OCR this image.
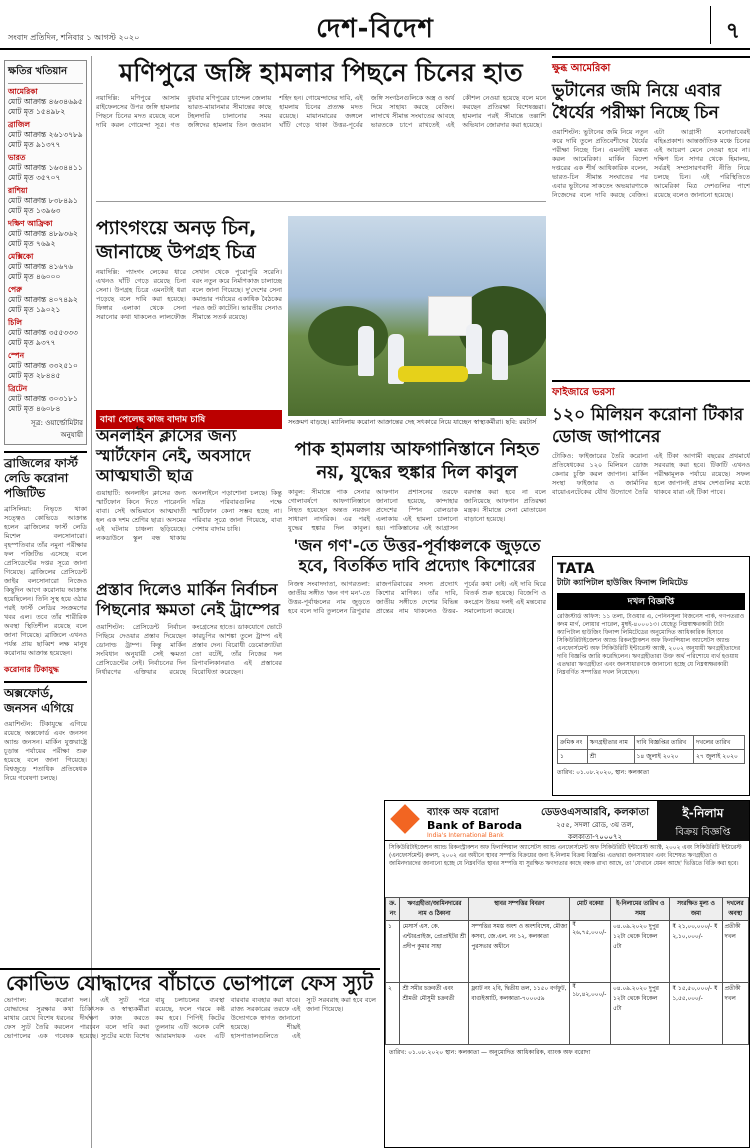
সংবাদ প্রতিদিন, শনিবার ১ আগস্ট ২০২০	দেশ-বিদেশ	৭
ক্ষতির খতিয়ান
আমেরিকা
মোট আক্রান্ত ৪৬৩৪৬৯৫
মোট মৃত ১৫৪৯৮২
ব্রাজিল
মোট আক্রান্ত ২৬১৩৭৮৯
মোট মৃত ৯১৩৭৭
ভারত
মোট আক্রান্ত ১৬৩৪৪১১
মোট মৃত ৩৫৭০৭
রাশিয়া
মোট আক্রান্ত ৮৩৮৪৯১
মোট মৃত ১৩৯৬৩
দক্ষিণ আফ্রিকা
মোট আক্রান্ত ৪৮৯৩৬২
মোট মৃত ৭৬৯২
মেক্সিকো
মোট আক্রান্ত ৪১৬৭৬
মোট মৃত ৪৬০০০
পেরু
মোট আক্রান্ত ৪০৭৪৯২
মোট মৃত ১৯০২১
চিলি
মোট আক্রান্ত ৩৫৫৩৩৩
মোট মৃত ৯৩৭৭
স্পেন
মোট আক্রান্ত ৩৩২৫১০
মোট মৃত ২৮৪৪৫
ব্রিটেন
মোট আক্রান্ত ৩০৩১৮১
মোট মৃত ৪৬০৮৪
সূত্র: ওয়ার্ল্ডোমিটার অনুযায়ী
ব্রাজিলের ফার্স্ট লেডি করোনা পজিটিভ

ব্রাসিলিয়া: নিভৃতে থাকা সত্ত্বেও কোভিডে আক্রান্ত হলেন ব্রাজিলের ফার্স্ট লেডি মিশেল বলসোনারো। বৃহস্পতিবার তাঁর নমুনা পরীক্ষার ফল পজিটিভ এসেছে বলে প্রেসিডেন্টের দপ্তর সূত্রে জানা গিয়েছে। ব্রাজিলের প্রেসিডেন্ট জাইর বলসোনারো নিজেও কিছুদিন আগে করোনায় আক্রান্ত হয়েছিলেন। তিনি সুস্থ হয়ে ওঠার পরই ফার্স্ট লেডির সংক্রমণের খবর এল। তবে তাঁর শারীরিক অবস্থা স্থিতিশীল রয়েছে বলে জানা গিয়েছে। ব্রাজিলে এখনও পর্যন্ত প্রায় ছাব্বিশ লক্ষ মানুষ করোনায় আক্রান্ত হয়েছেন।

করোনার টিকাযুদ্ধ
অক্সফোর্ড, জনসন এগিয়ে

ওয়াশিংটন: টিকাযুদ্ধে এগিয়ে রয়েছে অক্সফোর্ড এবং জনসন অ্যান্ড জনসন। মার্কিন যুক্তরাষ্ট্রে চূড়ান্ত পর্যায়ের পরীক্ষা শুরু হয়েছে বলে জানা গিয়েছে। বিশ্বজুড়ে শতাধিক প্রতিষেধক নিয়ে গবেষণা চলছে।

মণিপুরে জঙ্গি হামলার পিছনে চিনের হাত
নয়াদিল্লি: মণিপুরে আসাম রাইফেলসের উপর জঙ্গি হামলার পিছনে চিনের মদত রয়েছে বলে দাবি করল গোয়েন্দা সূত্র। গত বুধবার মণিপুরের চান্দেল জেলায় ভারত-মায়ানমার সীমান্তের কাছে টহলদারি চালানোর সময় জঙ্গিদের হামলায় তিন জওয়ান শহিদ হন। গোয়েন্দাদের দাবি, এই হামলায় চিনের প্রত্যক্ষ মদত রয়েছে। মায়ানমারের জঙ্গলে ঘাঁটি গেড়ে থাকা উত্তর-পূর্বের জঙ্গি সংগঠনগুলিকে অস্ত্র ও অর্থ দিয়ে সাহায্য করছে বেজিং। লাদাখে সীমান্ত সংঘাতের আবহে ভারতকে চাপে রাখতেই এই কৌশল নেওয়া হয়েছে বলে মনে করছেন প্রতিরক্ষা বিশেষজ্ঞরা। হামলার পরই সীমান্তে তল্লাশি অভিযান জোরদার করা হয়েছে।
প্যাংগংয়ে অনড় চিন, জানাচ্ছে উপগ্রহ চিত্র
নয়াদিল্লি: প্যাংগং লেকের ধারে এখনও ঘাঁটি গেড়ে রয়েছে চিনা সেনা। উপগ্রহ চিত্রে এমনটাই ধরা পড়েছে বলে দাবি করা হয়েছে। ফিঙ্গার এলাকা থেকে সেনা সরানোর কথা থাকলেও লালফৌজ সেখান থেকে পুরোপুরি সরেনি। বরং নতুন করে নির্মাণকাজ চালাচ্ছে বলে জানা গিয়েছে। দু'দেশের সেনা কমান্ডার পর্যায়ের একাধিক বৈঠকের পরও জট কাটেনি। ভারতীয় সেনাও সীমান্তে সতর্ক রয়েছে।
সংক্রমণ বাড়ছে। ম্যানিলায় করোনা আক্রান্তের দেহ সৎকারে নিয়ে যাচ্ছেন স্বাস্থ্যকর্মীরা। ছবি: রয়টার্স
পাক হামলায় আফগানিস্তানে নিহত নয়, যুদ্ধের হুঙ্কার দিল কাবুল
কাবুল: সীমান্তে পাক সেনার গোলাবর্ষণে আফগানিস্তানে নিহত হয়েছেন অন্তত নয়জন সাধারণ নাগরিক। এর পরই যুদ্ধের হুঙ্কার দিল কাবুল। আফগান প্রশাসনের তরফে জানানো হয়েছে, কান্দাহার প্রদেশের স্পিন বোলডাক এলাকায় এই হামলা চালানো হয়। পাকিস্তানের এই আগ্রাসন বরদাস্ত করা হবে না বলে জানিয়েছে আফগান প্রতিরক্ষা মন্ত্রক। সীমান্তে সেনা মোতায়েন বাড়ানো হয়েছে।
বাবা পেলেছ কাজ বাদাম চাষি
অনলাইন ক্লাসের জন্য স্মার্টফোন নেই, অবসাদে আত্মঘাতী ছাত্র
গুয়াহাটি: অনলাইন ক্লাসের জন্য স্মার্টফোন কিনে দিতে পারেননি বাবা। সেই অভিমানে আত্মঘাতী হল এক দশম শ্রেণির ছাত্র। অসমের এই ঘটনায় চাঞ্চল্য ছড়িয়েছে। লকডাউনে স্কুল বন্ধ থাকায় অনলাইনে পড়াশোনা চলছে। কিন্তু দরিদ্র পরিবারগুলির পক্ষে স্মার্টফোন কেনা সম্ভব হচ্ছে না। পরিবার সূত্রে জানা গিয়েছে, বাবা পেশায় বাদাম চাষি।
প্রস্তাব দিলেও মার্কিন নির্বাচন পিছনোর ক্ষমতা নেই ট্রাম্পের
ওয়াশিংটন: প্রেসিডেন্ট নির্বাচন পিছিয়ে দেওয়ার প্রস্তাব দিয়েছেন ডোনাল্ড ট্রাম্প। কিন্তু মার্কিন সংবিধান অনুযায়ী সেই ক্ষমতা প্রেসিডেন্টের নেই। নির্বাচনের দিন নির্ধারণের এক্তিয়ার রয়েছে কংগ্রেসের হাতে। ডাকযোগে ভোটে কারচুপির আশঙ্কা তুলে ট্রাম্প এই প্রস্তাব দেন। বিরোধী ডেমোক্র্যাটরা তো বটেই, তাঁর নিজের দল রিপাবলিকানরাও এই প্রস্তাবের বিরোধিতা করেছেন।
'জন গণ'-তে উত্তর-পূর্বাঞ্চলকে জুড়তে হবে, বিতর্কিত দাবি প্রদ্যোৎ কিশোরের
নিজস্ব সংবাদদাতা, আগরতলা: জাতীয় সঙ্গীত 'জন গণ মন'-তে উত্তর-পূর্বাঞ্চলের নাম জুড়তে হবে বলে দাবি তুললেন ত্রিপুরার রাজপরিবারের সদস্য প্রদ্যোৎ কিশোর মাণিক্য। তাঁর দাবি, জাতীয় সঙ্গীতে দেশের বিভিন্ন প্রান্তের নাম থাকলেও উত্তর-পূর্বের কথা নেই। এই দাবি ঘিরে বিতর্ক শুরু হয়েছে। বিজেপি ও কংগ্রেস উভয় দলই এই মন্তব্যের সমালোচনা করেছে।
কোভিড যোদ্ধাদের বাঁচাতে ভোপালে ফেস স্যুট
ভোপাল: করোনা যোদ্ধাদের সুরক্ষার কথা মাথায় রেখে বিশেষ ধরনের ফেস স্যুট তৈরি করলেন ভোপালের এক গবেষক দল। এই স্যুট পরে চিকিৎসক ও স্বাস্থ্যকর্মীরা দীর্ঘক্ষণ কাজ করতে পারবেন বলে দাবি করা হয়েছে। স্যুটের মধ্যে বিশেষ বায়ু চলাচলের ব্যবস্থা রয়েছে, ফলে গরমে কষ্ট কম হবে। পিপিই কিটের তুলনায় এটি অনেক বেশি আরামদায়ক এবং এটি বারবার ব্যবহার করা যাবে। রাজ্য সরকারের তরফে এই উদ্যোগকে স্বাগত জানানো হয়েছে। শীঘ্রই হাসপাতালগুলিতে এই স্যুট সরবরাহ করা হবে বলে জানা গিয়েছে।
ক্ষুব্ধ আমেরিকা
ভুটানের জমি নিয়ে এবার ধৈর্যের পরীক্ষা নিচ্ছে চিন
ওয়াশিংটন: ভুটানের জমি নিয়ে নতুন করে দাবি তুলে প্রতিবেশীদের ধৈর্যের পরীক্ষা নিচ্ছে চিন। এমনটাই মন্তব্য করল আমেরিকা। মার্কিন বিদেশ দপ্তরের এক শীর্ষ আধিকারিক বলেন, ভারত-চিন সীমান্ত সংঘাতের পর এবার ভুটানের সাকতেং অভয়ারণ্যকে নিজেদের বলে দাবি করছে বেজিং। এটা আগ্রাসী মনোভাবেরই বহিঃপ্রকাশ। আন্তর্জাতিক মঞ্চে চিনের এই আচরণ মেনে নেওয়া হবে না। দক্ষিণ চিন সাগর থেকে হিমালয়, সর্বত্রই সম্প্রসারণবাদী নীতি নিয়ে চলছে চিন। এই পরিস্থিতিতে আমেরিকা মিত্র দেশগুলির পাশে রয়েছে বলেও জানানো হয়েছে।
ফাইজারে ভরসা
১২০ মিলিয়ন করোনা টিকার ডোজ জাপানের
টোকিও: ফাইজারের তৈরি করোনা প্রতিষেধকের ১২০ মিলিয়ন ডোজ কেনার চুক্তি করল জাপান। মার্কিন সংস্থা ফাইজার ও জার্মানির বায়োএনটেকের যৌথ উদ্যোগে তৈরি এই টিকা আগামী বছরের প্রথমার্ধে সরবরাহ করা হবে। টিকাটি এখনও পরীক্ষামূলক পর্যায়ে রয়েছে। সফল হলে জাপানই প্রথম দেশগুলির মধ্যে থাকবে যারা এই টিকা পাবে।
TATA
টাটা ক্যাপিটাল হাউজিং ফিনান্স লিমিটেড
দখল বিজ্ঞপ্তি
রেজিস্টার্ড অফিস: ১১ তলা, টাওয়ার এ, পেনিনসুলা বিজনেস পার্ক, গণপতরাও কদম মার্গ, লোয়ার পারেল, মুম্বই-৪০০০১৩। যেহেতু নিম্নস্বাক্ষরকারী টাটা ক্যাপিটাল হাউজিং ফিনান্স লিমিটেডের অনুমোদিত আধিকারিক হিসাবে সিকিউরিটাইজেশন অ্যান্ড রিকনস্ট্রাকশন অফ ফিনান্সিয়াল অ্যাসেটস অ্যান্ড এনফোর্সমেন্ট অফ সিকিউরিটি ইন্টারেস্ট অ্যাক্ট, ২০০২ অনুযায়ী ঋণগ্রহীতাদের দাবি বিজ্ঞপ্তি জারি করেছিলেন। ঋণগ্রহীতারা উক্ত অর্থ পরিশোধে ব্যর্থ হওয়ায় এতদ্বারা ঋণগ্রহীতা এবং জনসাধারণকে জানানো হচ্ছে যে নিম্নস্বাক্ষরকারী নিম্নবর্ণিত সম্পত্তির দখল নিয়েছেন।
ক্রমিক নং	ঋণগ্রহীতার নাম	দাবি বিজ্ঞপ্তির তারিখ	দখলের তারিখ
১	শ্রী	১৪ জুলাই ২০২০	২৭ জুলাই ২০২০
তারিখ: ০১.০৮.২০২০, স্থান: কলকাতা
ব্যাংক অফ বরোদা
Bank of Baroda
India's International Bank
ডেডওএসআরবি, কলকাতা
২৫৫, সদলা রোড, ৩য় তল, কলকাতা-৭০০০৭২
ই-নিলাম
বিক্রয় বিজ্ঞপ্তি
সিকিউরিটাইজেশন অ্যান্ড রিকনস্ট্রাকশন অফ ফিনান্সিয়াল অ্যাসেটস অ্যান্ড এনফোর্সমেন্ট অফ সিকিউরিটি ইন্টারেস্ট অ্যাক্ট, ২০০২ এবং সিকিউরিটি ইন্টারেস্ট (এনফোর্সমেন্ট) রুলস, ২০০২ এর অধীনে স্থাবর সম্পত্তি বিক্রয়ের জন্য ই-নিলাম বিক্রয় বিজ্ঞপ্তি। এতদ্বারা জনসাধারণ এবং বিশেষত ঋণগ্রহীতা ও জামিনদারদের জানানো হচ্ছে যে নিম্নবর্ণিত স্থাবর সম্পত্তি যা সুরক্ষিত ঋণদাতার কাছে বন্ধক রাখা আছে, তা 'যেখানে যেমন আছে' ভিত্তিতে বিক্রি করা হবে।
ক্র. নং	ঋণগ্রহীতা/জামিনদারের নাম ও ঠিকানা	স্থাবর সম্পত্তির বিবরণ	মোট বকেয়া	ই-নিলামের তারিখ ও সময়	সংরক্ষিত মূল্য ও জমা	দখলের অবস্থা
১	মেসার্স এস. কে. এন্টারপ্রাইজ, প্রোপ্রাইটর শ্রী প্রদীপ কুমার সাহা	সম্পত্তির সমস্ত অংশ ও অংশবিশেষ, মৌজা কসবা, জে.এল. নং ১২, কলকাতা পুরসভার অধীনে	₹ ২৬,৭৫,০০০/-	০৪.০৯.২০২০ দুপুর ১২টা থেকে বিকেল ৫টা	₹ ২১,০০,০০০/- ₹ ২,১০,০০০/-	প্রতীকী দখল
২	শ্রী সমীর চক্রবর্তী এবং শ্রীমতী মৌসুমী চক্রবর্তী	ফ্ল্যাট নং ২বি, দ্বিতীয় তল, ১১৫০ বর্গফুট, বাগুইআটি, কলকাতা-৭০০০৫৯	₹ ১৮,৪২,০০০/-	০৪.০৯.২০২০ দুপুর ১২টা থেকে বিকেল ৫টা	₹ ১৫,৫০,০০০/- ₹ ১,৫৫,০০০/-	প্রতীকী দখল
তারিখ: ০১.০৮.২০২০ স্থান: কলকাতা — অনুমোদিত আধিকারিক, ব্যাংক অফ বরোদা
